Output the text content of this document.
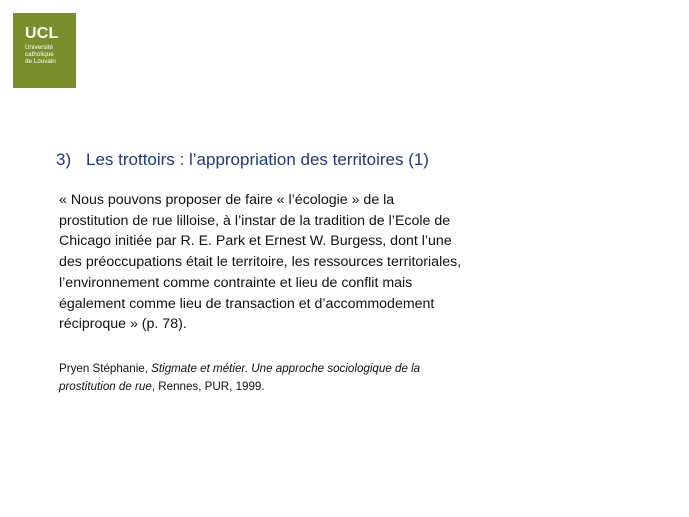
UCL
Université
catholique
de Louvain
3) Les trottoirs : l’appropriation des territoires (1)

« Nous pouvons proposer de faire « l’écologie » de la
prostitution de rue lilloise, à l’instar de la tradition de l’Ecole de
Chicago initiée par R. E. Park et Ernest W. Burgess, dont l’une
des préoccupations était le territoire, les ressources territoriales,
l’environnement comme contrainte et lieu de conflit mais
également comme lieu de transaction et d’accommodement
réciproque » (p. 78).

Pryen Stéphanie, Stigmate et métier. Une approche sociologique de la
prostitution de rue, Rennes, PUR, 1999.
